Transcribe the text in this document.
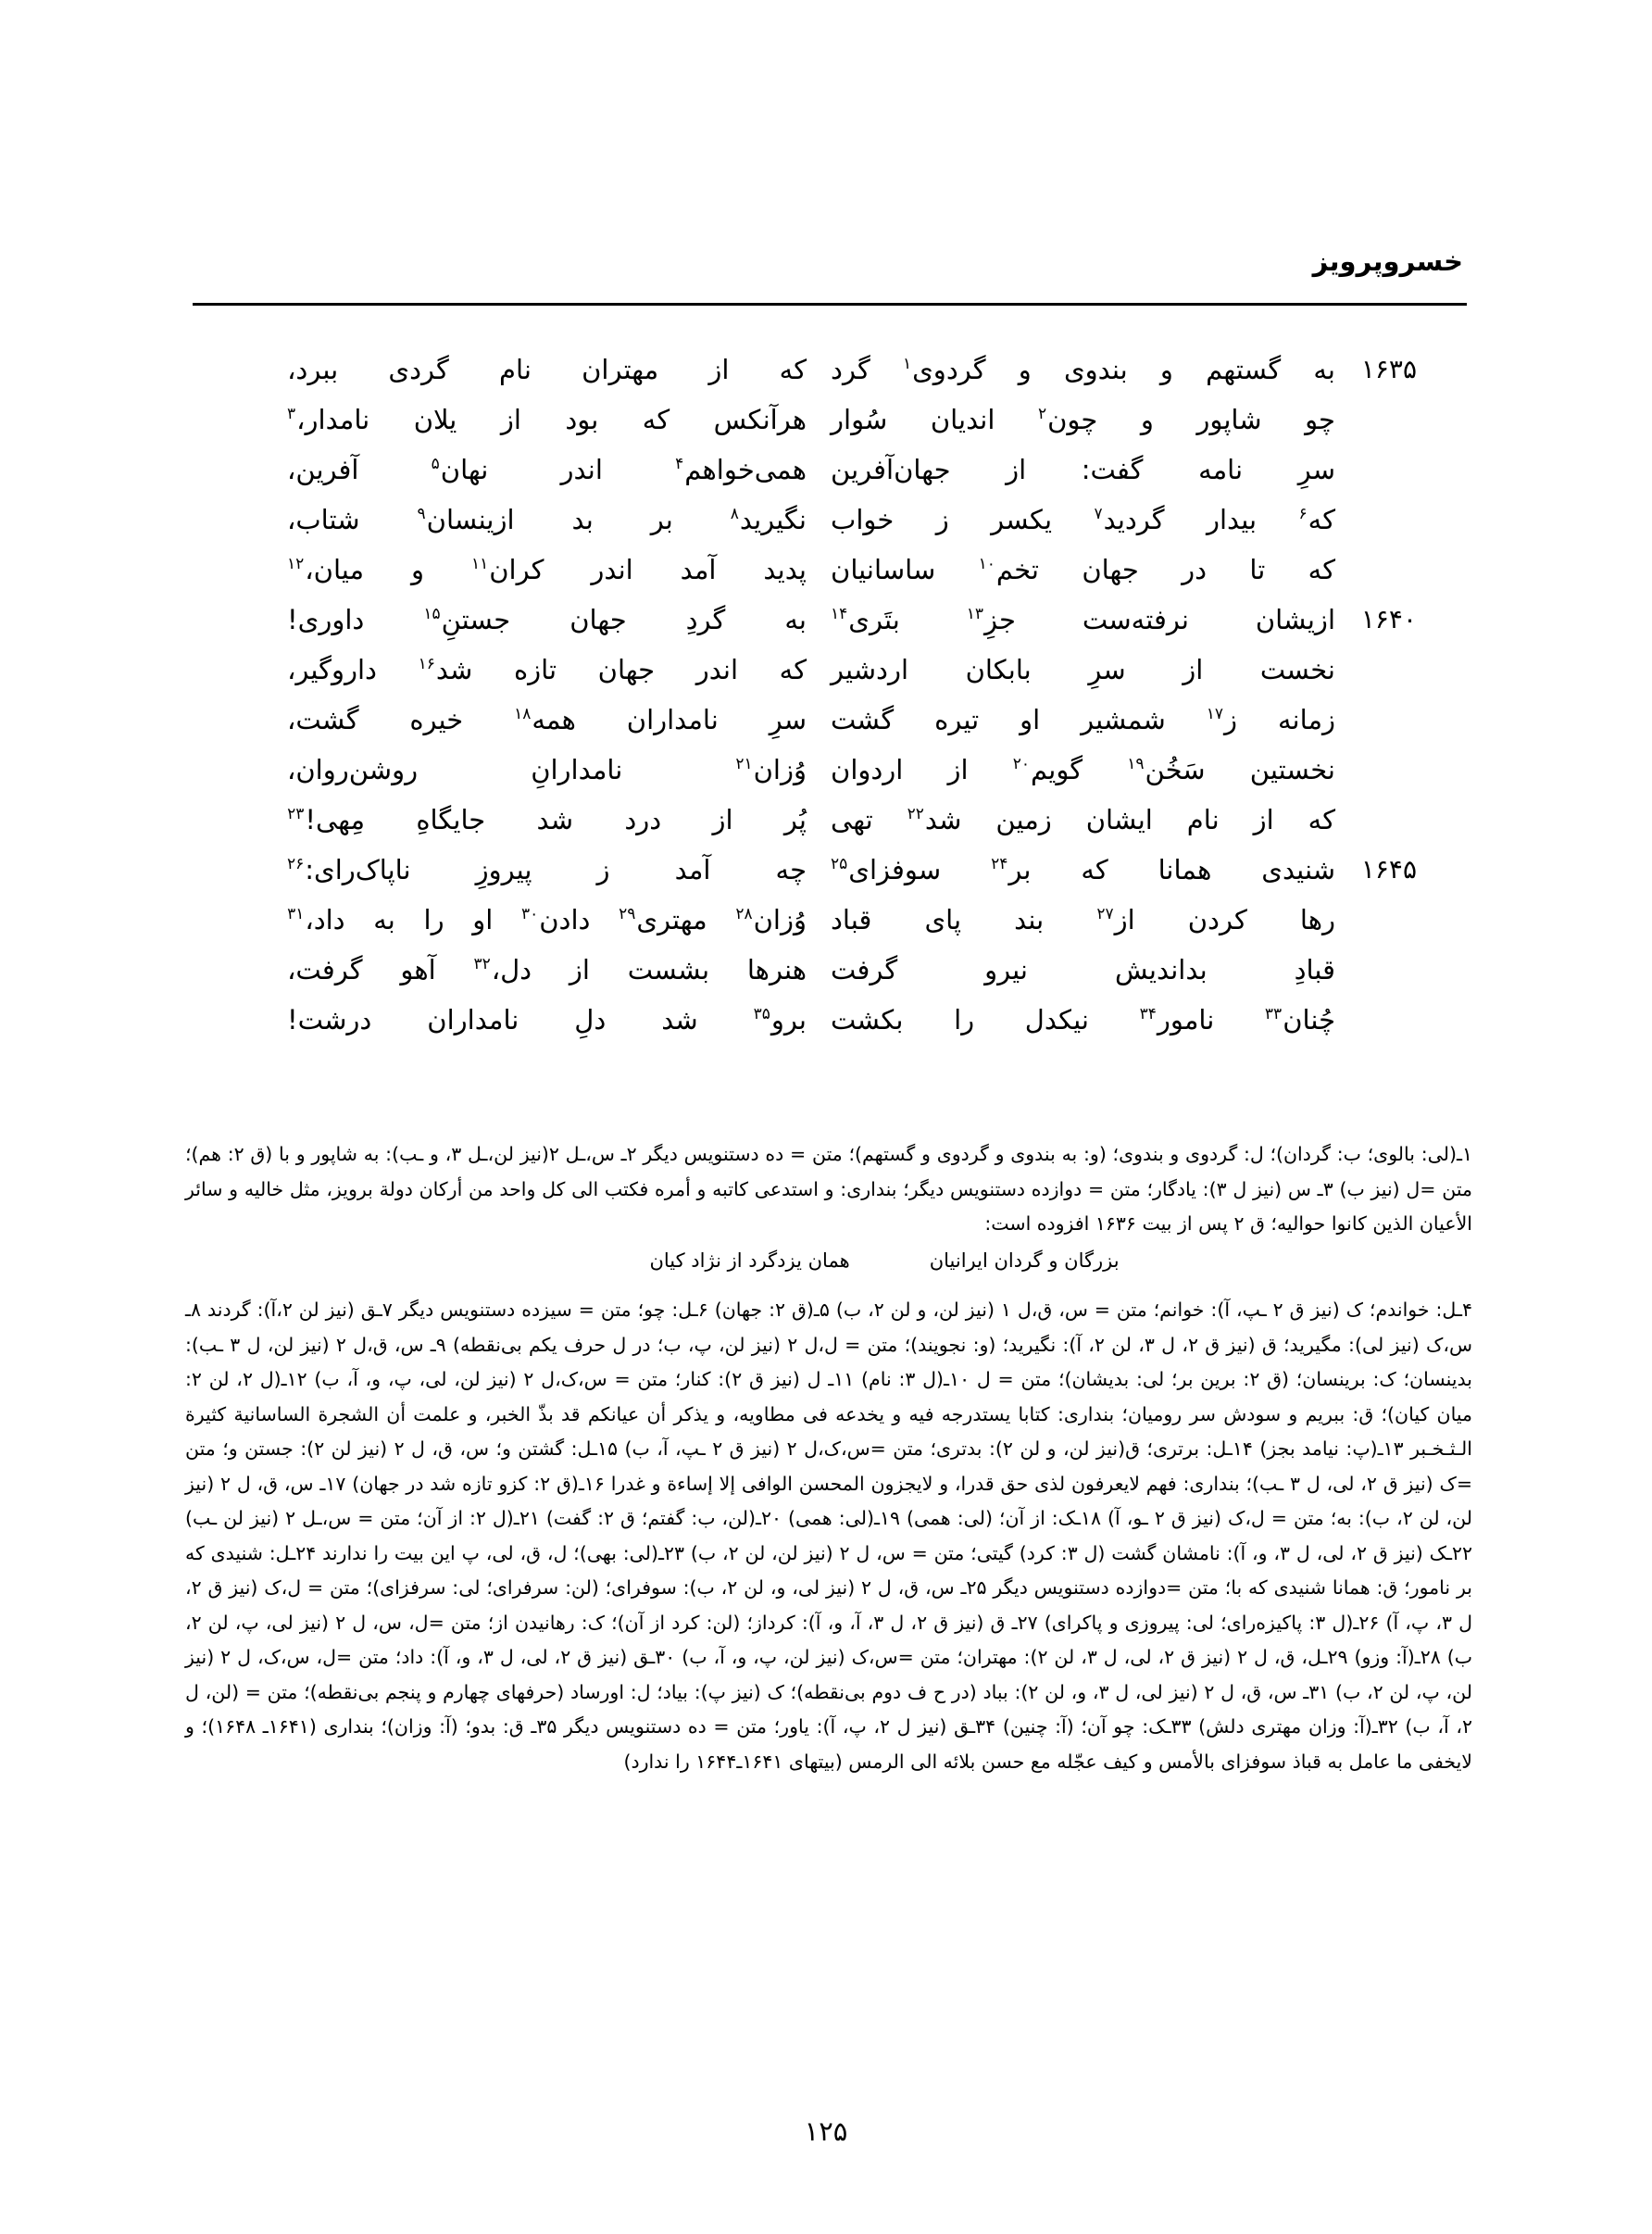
خسروپرویز
۱۶۳۵
به
گستهم
و
بندوی
و
گردوی$^۱$
گرد
که
از
مهتران
نام
گردی
ببرد،
چو
شاپور
و
چون$^۲$
اندیان
سُوار
هرآنکس
که
بود
از
یلان
نامدار،$^۳$
سرِ
نامه
گفت:
از
جهان‌آفرین
همی‌خواهم$^۴$
اندر
نهان$^۵$
آفرین،
که$^۶$
بیدار
گردید$^۷$
یکسر
ز
خواب
نگیرید$^۸$
بر
بد
ازینسان$^۹$
شتاب،
که
تا
در
جهان
تخم$^{۱۰}$
ساسانیان
پدید
آمد
اندر
کران$^{۱۱}$
و
میان،$^{۱۲}$
۱۶۴۰
ازیشان
نرفته‌ست
جزِ$^{۱۳}$
بتَری$^{۱۴}$
به
گردِ
جهان
جستنِ$^{۱۵}$
داوری!
نخست
از
سرِ
بابکان
اردشیر
که
اندر
جهان
تازه
شد$^{۱۶}$
داروگیر،
زمانه
ز$^{۱۷}$
شمشیر
او
تیره
گشت
سرِ
نامداران
همه$^{۱۸}$
خیره
گشت،
نخستین
سَخُن$^{۱۹}$
گویم$^{۲۰}$
از
اردوان
وُزان$^{۲۱}$
نامدارانِ
روشن‌روان،
که
از
نام
ایشان
زمین
شد$^{۲۲}$
تهی
پُر
از
درد
شد
جایگاهِ
مِهی!$^{۲۳}$
۱۶۴۵
شنیدی
همانا
که
بر$^{۲۴}$
سوفزای$^{۲۵}$
چه
آمد
ز
پیروزِ
ناپاک‌رای:$^{۲۶}$
رها
کردن
از$^{۲۷}$
بند
پای
قباد
وُزان$^{۲۸}$
مهتری$^{۲۹}$
دادن$^{۳۰}$
او
را
به
داد،$^{۳۱}$
قبادِ
بداندیش
نیرو
گرفت
هنرها
بشست
از
دل،$^{۳۲}$
آهو
گرفت،
چُنان$^{۳۳}$
نامور$^{۳۴}$
نیکدل
را
بکشت
برو$^{۳۵}$
شد
دلِ
نامداران
درشت!
۱ـ(لی: بالوی؛ ب: گردان)؛ ل: گردوی و بندوی؛ (و: به بندوی و گردوی و گستهم)؛ متن = ده دستنویس دیگر ۲ـ س،ـل ۲(نیز لن،ـل ۳، و ـب): به شاپور و با (ق ۲: هم)؛ متن =ل (نیز ب) ۳ـ س (نیز ل ۳): یادگار؛ متن = دوازده دستنویس دیگر؛ بنداری: و استدعی کاتبه و أمره فکتب الی کل واحد من أرکان دولة برویز، مثل خالیه و سائر الأعیان الذین کانوا حوالیه؛ ق ۲ پس از بیت ۱۶۳۶ افزوده است:
بزرگان و گردان ایرانیان
همان یزدگرد از نژاد کیان
۴ـل: خواندم؛ ک (نیز ق ۲ ـپ، آ): خوانم؛ متن = س، ق،ل ۱ (نیز لن، و لن ۲، ب) ۵ـ(ق ۲: جهان) ۶ـل: چو؛ متن = سیزده دستنویس دیگر ۷ـق (نیز لن ۲،آ): گردند ۸ـ س،ک (نیز لی): مگیرید؛ ق (نیز ق ۲، ل ۳، لن ۲، آ): نگیرید؛ (و: نجویند)؛ متن = ل،ل ۲ (نیز لن، پ، ب؛ در ل حرف یکم بی‌نقطه) ۹ـ س، ق،ل ۲ (نیز لن، ل ۳ ـب): بدینسان؛ ک: برینسان؛ (ق ۲: برین بر؛ لی: بدیشان)؛ متن = ل ۱۰ـ(ل ۳: نام) ۱۱ـ ل (نیز ق ۲): کنار؛ متن = س،ک،ل ۲ (نیز لن، لی، پ، و، آ، ب) ۱۲ـ(ل ۲، لن ۲: میان کیان)؛ ق: ببریم و سودش سر رومیان؛ بنداری: کتابا یستدرجه فیه و یخدعه فی مطاویه، و یذکر أن عیانکم قد بذّ الخبر، و علمت أن الشجرة الساسانیة کثیرة الـثـخـبر ۱۳ـ(پ: نیامد بجز) ۱۴ـل: برتری؛ ق(نیز لن، و لن ۲): بدتری؛ متن =س،ک،ل ۲ (نیز ق ۲ ـپ، آ، ب) ۱۵ـل: گشتن و؛ س، ق، ل ۲ (نیز لن ۲): جستن و؛ متن =ک (نیز ق ۲، لی، ل ۳ ـب)؛ بنداری: فهم لایعرفون لذی حق قدرا، و لایجزون المحسن الوافی إلا إساءة و غدرا ۱۶ـ(ق ۲: کزو تازه شد در جهان) ۱۷ـ س، ق، ل ۲ (نیز لن، لن ۲، ب): به؛ متن = ل،ک (نیز ق ۲ ـو، آ) ۱۸ـک: از آن؛ (لی: همی) ۱۹ـ(لی: همی) ۲۰ـ(لن، ب: گفتم؛ ق ۲: گفت) ۲۱ـ(ل ۲: از آن؛ متن = س،ـل ۲ (نیز لن ـب) ۲۲ـک (نیز ق ۲، لی، ل ۳، و، آ): نامشان گشت (ل ۳: کرد) گیتی؛ متن = س، ل ۲ (نیز لن، لن ۲، ب) ۲۳ـ(لی: بهی)؛ ل، ق، لی، پ این بیت را ندارند ۲۴ـل: شنیدی که بر نامور؛ ق: همانا شنیدی که با؛ متن =دوازده دستنویس دیگر ۲۵ـ س، ق، ل ۲ (نیز لی، و، لن ۲، ب): سوفرای؛ (لن: سرفرای؛ لی: سرفزای)؛ متن = ل،ک (نیز ق ۲، ل ۳، پ، آ) ۲۶ـ(ل ۳: پاکیزه‌رای؛ لی: پیروزی و پاکرای) ۲۷ـ ق (نیز ق ۲، ل ۳، آ، و، آ): کرداز؛ (لن: کرد از آن)؛ ک: رهانیدن از؛ متن =ل، س، ل ۲ (نیز لی، پ، لن ۲، ب) ۲۸ـ(آ: وزو) ۲۹ـل، ق، ل ۲ (نیز ق ۲، لی، ل ۳، لن ۲): مهتران؛ متن =س،ک (نیز لن، پ، و، آ، ب) ۳۰ـق (نیز ق ۲، لی، ل ۳، و، آ): داد؛ متن =ل، س،ک، ل ۲ (نیز لن، پ، لن ۲، ب) ۳۱ـ س، ق، ل ۲ (نیز لی، ل ۳، و، لن ۲): بباد (در ح ف دوم بی‌نقطه)؛ ک (نیز پ): بیاد؛ ل: اورساد (حرفهای چهارم و پنجم بی‌نقطه)؛ متن = (لن، ل ۲، آ، ب) ۳۲ـ(آ: وزان مهتری دلش) ۳۳ـک: چو آن؛ (آ: چنین) ۳۴ـق (نیز ل ۲، پ، آ): یاور؛ متن = ده دستنویس دیگر ۳۵ـ ق: بدو؛ (آ: وزان)؛ بنداری (۱۶۴۱ـ ۱۶۴۸)؛ و لایخفی ما عامل به قباذ سوفزای بالأمس و کیف عجّله مع حسن بلائه الی الرمس (بیتهای ۱۶۴۱ـ۱۶۴۴ را ندارد)
۱۲۵
